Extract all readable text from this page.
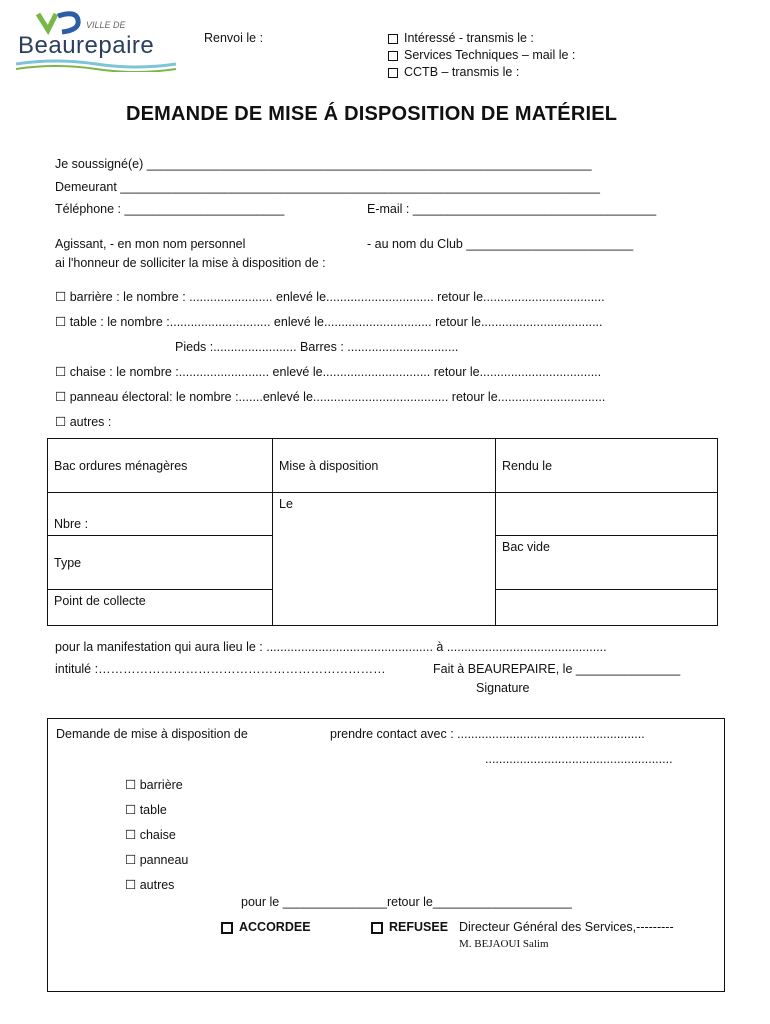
VILLE DE
Beaurepaire	Renvoi le :	Intéressé - transmis le :
Services Techniques – mail le :
CCTB – transmis le :
DEMANDE DE MISE Á DISPOSITION DE MATÉRIEL
Je soussigné(e) ________________________________________________________________
Demeurant _____________________________________________________________________
Téléphone : _______________________	E-mail : ___________________________________
Agissant, - en mon nom personnel	- au nom du Club ________________________
ai l'honneur de solliciter la mise à disposition de :
☐ barrière : le nombre : ........................ enlevé le............................... retour le...................................
☐ table : le nombre :............................. enlevé le............................... retour le...................................
Pieds :........................ Barres : ................................
☐ chaise : le nombre :.......................... enlevé le............................... retour le...................................
☐ panneau électoral: le nombre :.......enlevé le....................................... retour le...............................
☐ autres :
Bac ordures ménagères	Mise à disposition	Rendu le
Nbre :	Le	
Type		Bac vide
Point de collecte		
pour la manifestation qui aura lieu le : ................................................ à ..............................................
intitulé :……………………………………………………………	Fait à BEAUREPAIRE, le _______________
Signature
Demande de mise à disposition de	prendre contact avec : ......................................................
......................................................
☐ barrière
☐ table
☐ chaise
☐ panneau
☐ autres
pour le _______________retour le____________________
ACCORDEE	REFUSEE Directeur Général des Services,---------
M. BEJAOUI Salim
